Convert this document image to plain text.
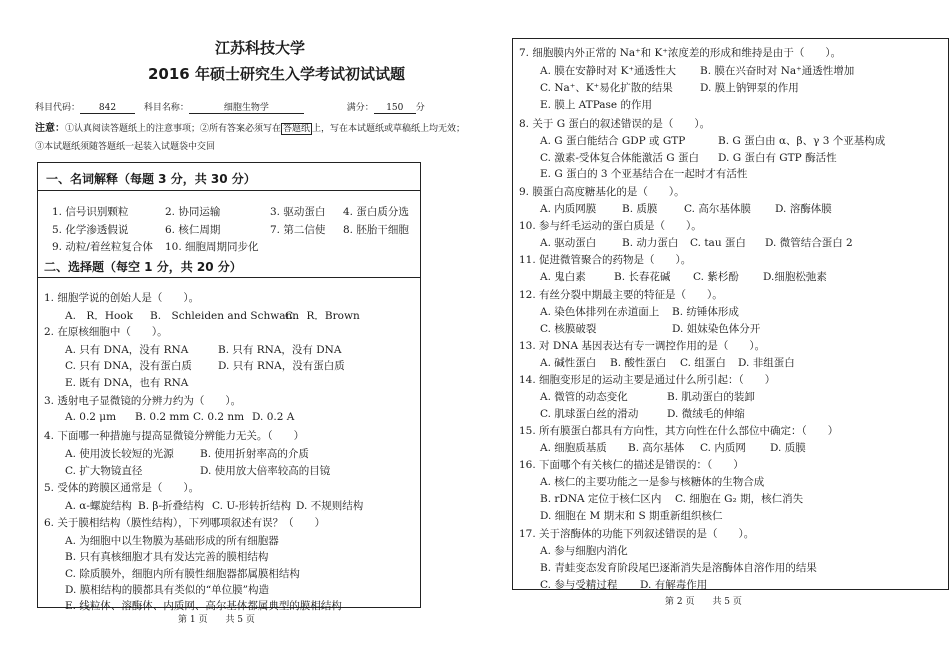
江苏科技大学
2016 年硕士研究生入学考试初试试题
科目代码： 842	科目名称：	细胞生物学	满分： 150 分
注意：①认真阅读答题纸上的注意事项；②所有答案必须写在 答题纸 上，写在本试题纸或草稿纸上均无效；
③本试题纸须随答题纸一起装入试题袋中交回
一、名词解释（每题 3 分，共 30 分）
1. 信号识别颗粒	2. 协同运输	3. 驱动蛋白 4. 蛋白质分选
5. 化学渗透假说	6. 核仁周期	7. 第二信使 8. 胚胎干细胞
9. 动粒/着丝粒复合体 10. 细胞周期同步化
二、选择题（每空 1 分，共 20 分）
1. 细胞学说的创始人是（　　）。
A.　R．Hook B.　Schleiden and Schwann
C.　R．Brown
2. 在原核细胞中（　　）。
A. 只有 DNA，没有 RNA	B. 只有 RNA，没有 DNA
C. 只有 DNA，没有蛋白质 D. 只有 RNA，没有蛋白质
E. 既有 DNA，也有 RNA
3. 透射电子显微镜的分辨力约为（　　）。
A. 0.2 μm B. 0.2 mm C. 0.2 nm D. 0.2 A
4. 下面哪一种措施与提高显微镜分辨能力无关。（　　）
A. 使用波长较短的光源 B. 使用折射率高的介质
C. 扩大物镜直径	D. 使用放大倍率较高的目镜
5. 受体的跨膜区通常是（　　）。
A. α-螺旋结构 B. β-折叠结构 C. U-形转折结构 D. 不规则结构
6. 关于膜相结构（膜性结构），下列哪项叙述有误？（　　）
A. 为细胞中以生物膜为基础形成的所有细胞器
B. 只有真核细胞才具有发达完善的膜相结构
C. 除质膜外，细胞内所有膜性细胞器都属膜相结构
D. 膜相结构的膜都具有类似的“单位膜”构造
E. 线粒体、溶酶体、内质网、高尔基体都属典型的膜相结构
第 1 页　　共 5 页
7. 细胞膜内外正常的 Na⁺和 K⁺浓度差的形成和维持是由于（　　）。
A. 膜在安静时对 K⁺通透性大 B. 膜在兴奋时对 Na⁺通透性增加
C. Na⁺、K⁺易化扩散的结果	D. 膜上钠钾泵的作用
E. 膜上 ATPase 的作用
8. 关于 G 蛋白的叙述错误的是（　　）。
A. G 蛋白能结合 GDP 或 GTP	B. G 蛋白由 α、β、γ 3 个亚基构成
C. 激素-受体复合体能激活 G 蛋白 D. G 蛋白有 GTP 酶活性
E. G 蛋白的 3 个亚基结合在一起时才有活性
9. 膜蛋白高度糖基化的是（　　）。
A. 内质网膜 B. 质膜	C. 高尔基体膜 D. 溶酶体膜
10. 参与纤毛运动的蛋白质是（　　）。
A. 驱动蛋白 B. 动力蛋白 C. tau 蛋白 D. 微管结合蛋白 2
11. 促进微管聚合的药物是（　　）。
A. 鬼白素	B. 长春花碱 C. 紫杉酚 D.细胞松弛素
12. 有丝分裂中期最主要的特征是（　　）。
A. 染色体排列在赤道面上 B. 纺锤体形成
C. 核膜破裂	D. 姐妹染色体分开
13. 对 DNA 基因表达有专一调控作用的是（　　）。
A. 碱性蛋白 B. 酸性蛋白 C. 组蛋白 D. 非组蛋白
14. 细胞变形足的运动主要是通过什么所引起：（　　）
A. 微管的动态变化	B. 肌动蛋白的装卸
C. 肌球蛋白丝的滑动	D. 微绒毛的伸缩
15. 所有膜蛋白都具有方向性，其方向性在什么部位中确定：（　　）
A. 细胞质基质 B. 高尔基体 C. 内质网 D. 质膜
16. 下面哪个有关核仁的描述是错误的：（　　）
A. 核仁的主要功能之一是参与核糖体的生物合成
B. rDNA 定位于核仁区内 C. 细胞在 G₂ 期，核仁消失
D. 细胞在 M 期末和 S 期重新组织核仁
17. 关于溶酶体的功能下列叙述错误的是（　　）。
A. 参与细胞内消化
B. 青蛙变态发育阶段尾巴逐渐消失是溶酶体自溶作用的结果
C. 参与受精过程 D. 有解毒作用
第 2 页　　共 5 页
